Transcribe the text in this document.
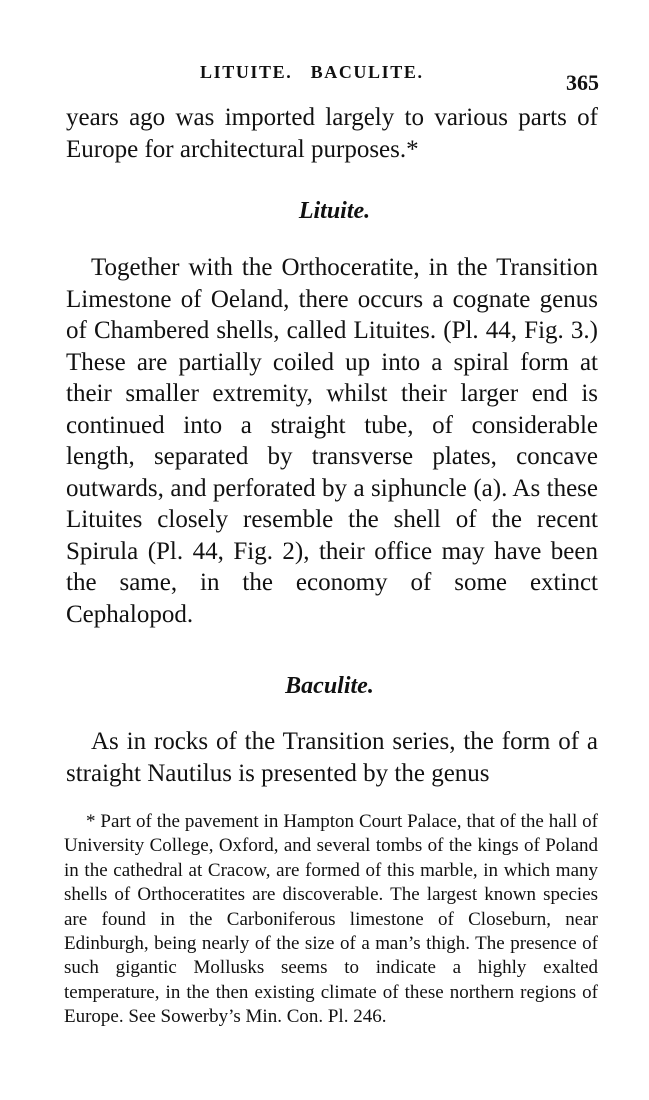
LITUITE.   BACULITE.	365

years ago was imported largely to various parts of Europe for architectural purposes.*

Lituite.

Together with the Orthoceratite, in the Transition Limestone of Oeland, there occurs a cognate genus of Chambered shells, called Lituites. (Pl. 44, Fig. 3.) These are partially coiled up into a spiral form at their smaller extremity, whilst their larger end is continued into a straight tube, of considerable length, separated by transverse plates, concave outwards, and perforated by a siphuncle (a). As these Lituites closely resemble the shell of the recent Spirula (Pl. 44, Fig. 2), their office may have been the same, in the economy of some extinct Cephalopod.

Baculite.

As in rocks of the Transition series, the form of a straight Nautilus is presented by the genus

* Part of the pavement in Hampton Court Palace, that of the hall of University College, Oxford, and several tombs of the kings of Poland in the cathedral at Cracow, are formed of this marble, in which many shells of Orthoceratites are discoverable. The largest known species are found in the Carboniferous limestone of Closeburn, near Edinburgh, being nearly of the size of a man’s thigh. The presence of such gigantic Mollusks seems to indicate a highly exalted temperature, in the then existing climate of these northern regions of Europe. See Sowerby’s Min. Con. Pl. 246.
